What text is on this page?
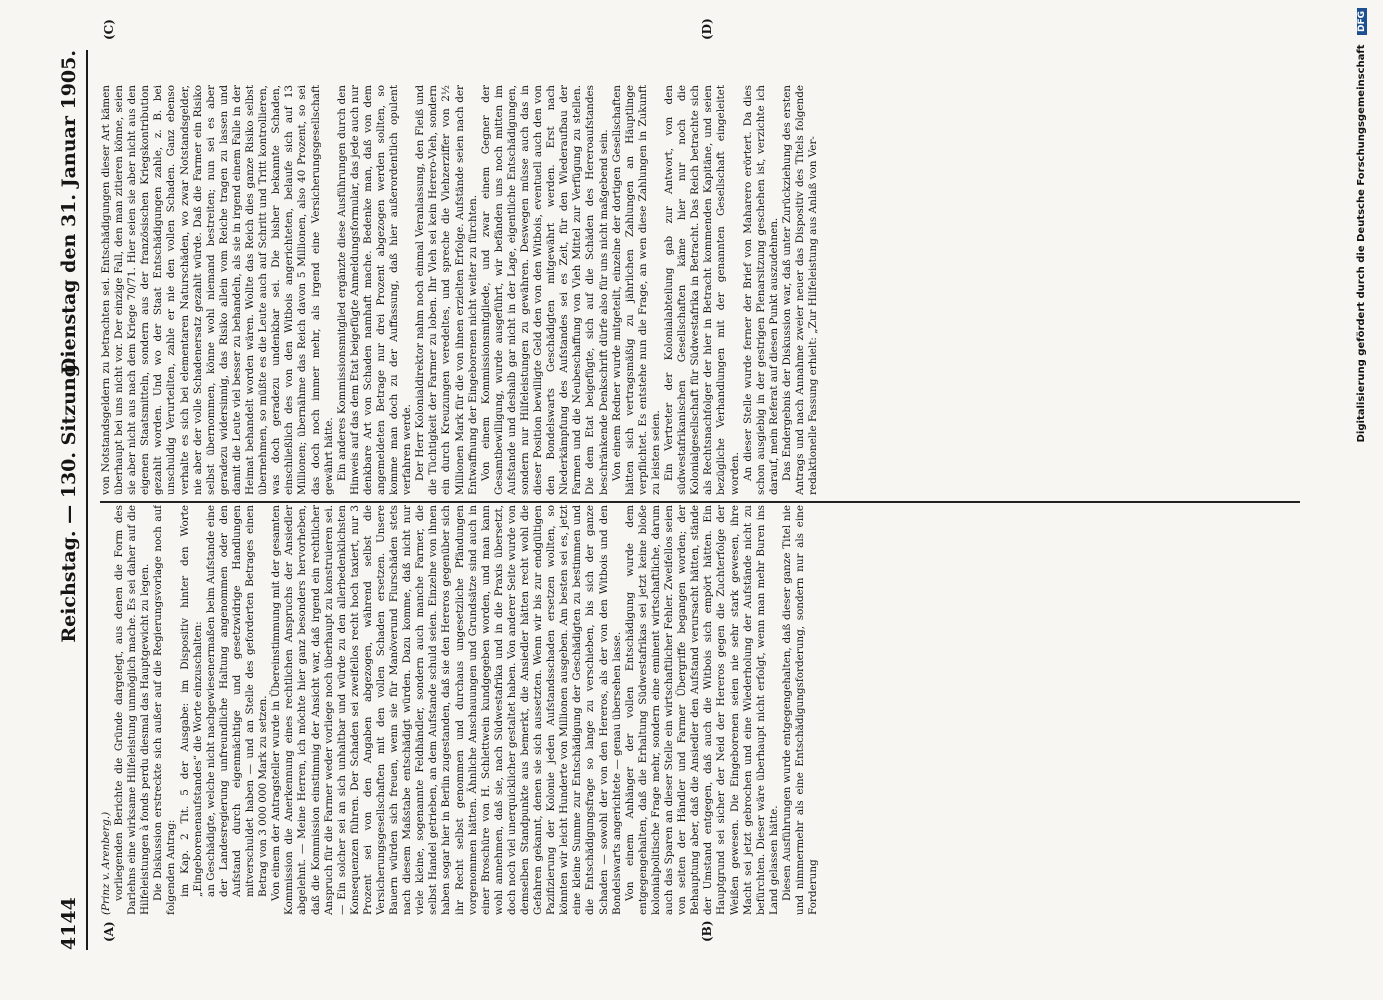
4144
Reichstag. — 130. Sitzung.
Dienstag den 31. Januar 1905.
(A)	(B)
(C)	(D)

(Prinz v. Arenberg.) vorliegenden Berichte die Gründe dargelegt, aus denen die Form des Darlehns eine wirksame Hilfeleistung unmöglich mache. Es sei daher auf die Hilfeleistungen à fonds perdu diesmal das Hauptgewicht zu legen. Die Diskussion erstreckte sich außer auf die Regierungsvorlage noch auf folgenden Antrag: im Kap. 2 Tit. 5 der Ausgabe: im Dispositiv hinter den Worte „Eingeborenenaufstandes“ die Worte einzuschalten: an Geschädigte, welche nicht nachgewiesenermaßen beim Aufstande eine der Landesregierung unfreundliche Haltung angenommen oder den Aufstand durch eigenmächtige und gesetzwidrige Handlungen mitverschuldet haben — und an Stelle des geforderten Betrages einen Betrag von 3 000 000 Mark zu setzen. Von einem der Antragsteller wurde in Übereinstimmung mit der gesamten Kommission die Anerkennung eines rechtlichen Anspruchs der Ansiedler abgelehnt. — Meine Herren, ich möchte hier ganz besonders hervorheben, daß die Kommission einstimmig der Ansicht war, daß irgend ein rechtlicher Anspruch für die Farmer weder vorliege noch überhaupt zu konstruieren sei. — Ein solcher sei an sich unhaltbar und würde zu den allerbedenklichsten Konsequenzen führen. Der Schaden sei zweifellos recht hoch taxiert, nur 3 Prozent sei von den Angaben abgezogen, während selbst die Versicherungsgesellschaften mit den vollen Schaden ersetzen. Unsere Bauern würden sich freuen, wenn sie für Manöverund Flurschäden stets nach diesem Maßstabe entschädigt würden. Dazu komme, daß nicht nur viele kleine, sogenannte Feldhändler, sondern auch manche Farmer, die selbst Handel getrieben, an dem Aufstande schuld seien. Einzelne von ihnen haben sogar hier in Berlin zugestanden, daß sie den Hereros gegenüber sich ihr Recht selbst genommen und durchaus ungesetzliche Pfändungen vorgenommen hätten. Ähnliche Anschauungen und Grundsätze sind auch in einer Broschüre von H. Schlettwein kundgegeben worden, und man kann wohl annehmen, daß sie, nach Südwestafrika und in die Praxis übersetzt, doch noch viel unerquicklicher gestaltet haben. Von anderer Seite wurde von demselben Standpunkte aus bemerkt, die Ansiedler hätten recht wohl die Gefahren gekannt, denen sie sich aussetzten. Wenn wir bis zur endgültigen Pazifizierung der Kolonie jeden Aufstandsschaden ersetzen wollten, so könnten wir leicht Hunderte von Millionen ausgeben. Am besten sei es, jetzt eine kleine Summe zur Entschädigung der Geschädigten zu bestimmen und die Entschädigungsfrage so lange zu verschieben, bis sich der ganze Schaden — sowohl der von den Hereros, als der von den Witbois und den Bondelswarts angerichtete — genau übersehen lasse. Von einem Anhänger der vollen Entschädigung wurde dem entgegengehalten, daß die Erhaltung Südwestafrikas sei jetzt keine bloße kolonialpolitische Frage mehr, sondern eine eminent wirtschaftliche, darum auch das Sparen an dieser Stelle ein wirtschaftlicher Fehler. Zweifellos seien von seiten der Händler und Farmer Übergriffe begangen worden; der Behauptung aber, daß die Ansiedler den Aufstand verursacht hätten, stände der Umstand entgegen, daß auch die Witbois sich empört hätten. Ein Hauptgrund sei sicher der Neid der Hereros gegen die Zuchterfolge der Weißen gewesen. Die Eingeborenen seien nie sehr stark gewesen, ihre Macht sei jetzt gebrochen und eine Wiederholung der Aufstände nicht zu befürchten. Dieser wäre überhaupt nicht erfolgt, wenn man mehr Buren ins Land gelassen hätte. Diesen Ausführungen wurde entgegengehalten, daß dieser ganze Titel nie und nimmermehr als eine Entschädigungsforderung, sondern nur als eine Forderung

von Notstandsgeldern zu betrachten sei. Entschädigungen dieser Art kämen überhaupt bei uns nicht vor. Der einzige Fall, den man zitieren könne, seien sie aber nicht aus nach dem Kriege 70/71. Hier seien sie aber nicht aus den eigenen Staatsmitteln, sondern aus der französischen Kriegskontribution gezahlt worden. Und wo der Staat Entschädigungen zahle, z. B. bei unschuldig Verurteilten, zahle er nie den vollen Schaden. Ganz ebenso verhalte es sich bei elementaren Naturschäden, wo zwar Notstandsgelder, nie aber der volle Schadenersatz gezahlt würde. Daß die Farmer ein Risiko selbst übernommen, könne wohl niemand bestreiten; nun sei es aber geradezu widersinnig, das Risiko allein vom Reiche tragen zu lassen und damit die Leute viel besser zu behandeln, als sie in irgend einem Falle in der Heimat behandelt worden wären. Wollte das Reich dies ganze Risiko selbst übernehmen, so müßte es die Leute auch auf Schritt und Tritt kontrollieren, was doch geradezu undenkbar sei. Die bisher bekannte Schaden, einschließlich des von den Witbois angerichteten, belaufe sich auf 13 Millionen; übernähme das Reich davon 5 Millionen, also 40 Prozent, so sei das doch noch immer mehr, als irgend eine Versicherungsgesellschaft gewährt hätte. Ein anderes Kommissionsmitglied ergänzte diese Ausführungen durch den Hinweis auf das dem Etat beigefügte Anmeldungsformular, das jede auch nur denkbare Art von Schaden namhaft mache. Bedenke man, daß von dem angemeldeten Betrage nur drei Prozent abgezogen werden sollten, so komme man doch zu der Auffassung, daß hier außerordentlich opulent verfahren werde. Der Herr Kolonialdirektor nahm noch einmal Veranlassung, den Fleiß und die Tüchtigkeit der Farmer zu loben. Ihr Vieh sei kein Herero-Vieh, sondern ein durch Kreuzungen veredeltes, und spreche die Viehzerziffer von 2½ Millionen Mark für die von ihnen erzielten Erfolge. Aufstände seien nach der Entwaffnung der Eingeborenen nicht weiter zu fürchten. Von einem Kommissionsmitgliede, und zwar einem Gegner der Gesamtbewilligung, wurde ausgeführt, wir befänden uns noch mitten im Aufstande und deshalb gar nicht in der Lage, eigentliche Entschädigungen, sondern nur Hilfeleistungen zu gewähren. Deswegen müsse auch das in dieser Position bewilligte Geld den von den Witbois, eventuell auch den von den Bondelswarts Geschädigten mitgewährt werden. Erst nach Niederkämpfung des Aufstandes sei es Zeit, für den Wiederaufbau der Farmen und die Neubeschaffung von Vieh Mittel zur Verfügung zu stellen. Die dem Etat beigefügte, sich auf die Schäden des Hereroaufstandes beschränkende Denkschrift dürfe also für uns nicht maßgebend sein. Von einem Redner wurde mitgeteilt, einzelne der dortigen Gesellschaften hätten sich vertragsmäßig zu jährlichen Zahlungen an Häuptlinge verpflichtet. Es entstehe nun die Frage, an wen diese Zahlungen in Zukunft zu leisten seien. Ein Vertreter der Kolonialabteilung gab zur Antwort, von den südwestafrikanischen Gesellschaften käme hier nur noch die Kolonialgesellschaft für Südwestafrika in Betracht. Das Reich betrachte sich als Rechtsnachfolger der hier in Betracht kommenden Kapitäne, und seien bezügliche Verhandlungen mit der genannten Gesellschaft eingeleitet worden. An dieser Stelle wurde ferner der Brief von Maharero erörtert. Da dies schon ausgiebig in der gestrigen Plenarsitzung geschehen ist, verzichte ich darauf, mein Referat auf diesen Punkt auszudehnen. Das Endergebnis der Diskussion war, daß unter Zurückziehung des ersten Antrags und nach Annahme zweier neuer das Dispositiv des Titels folgende redaktionelle Fassung erhielt: „Zur Hilfeleistung aus Anlaß von Ver-	Digitalisierung gefördert durch die Deutsche Forschungsgemeinschaft DFG
